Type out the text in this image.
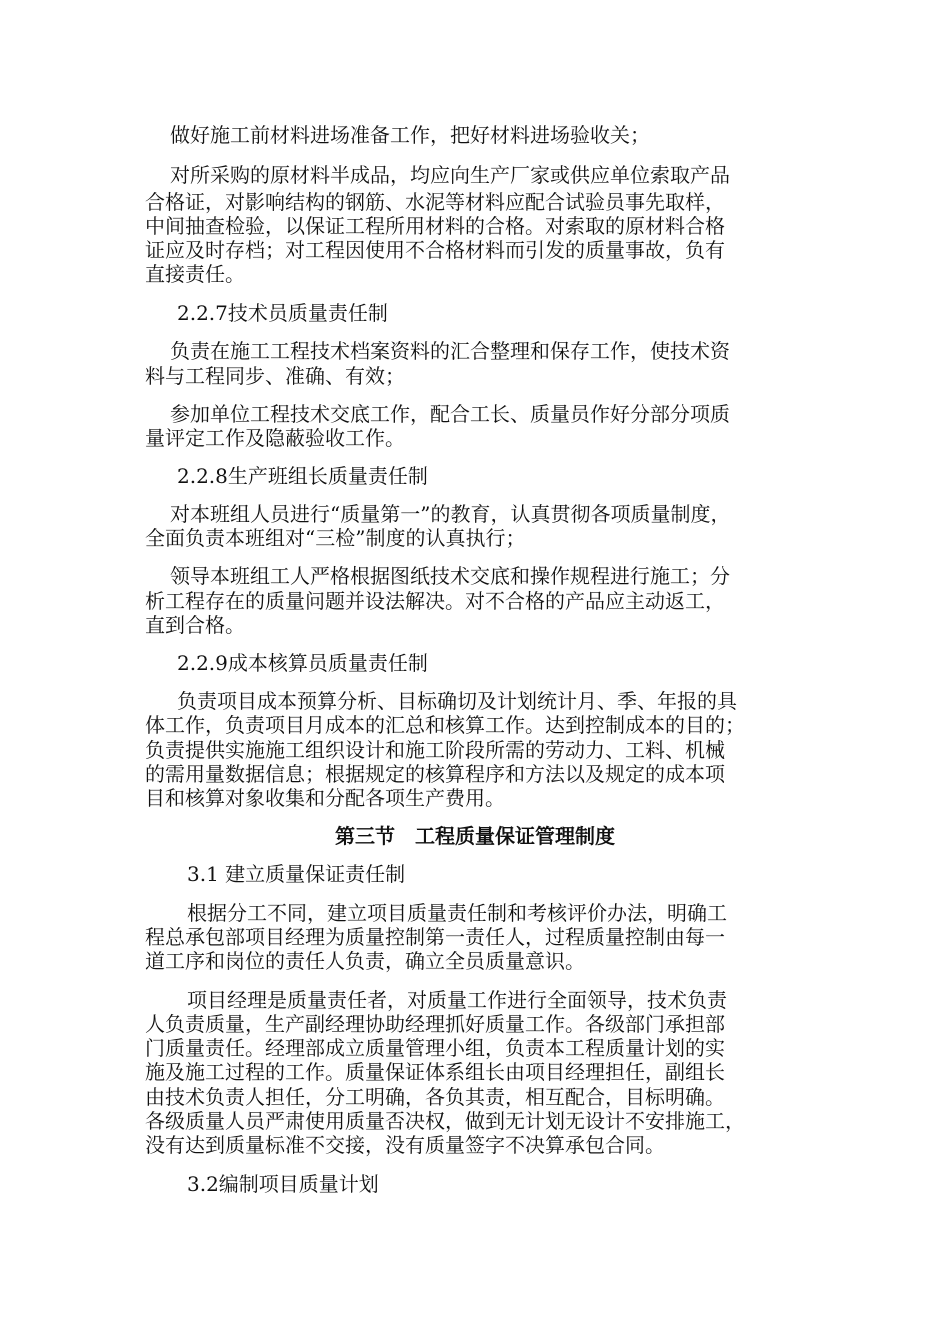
做好施工前材料进场准备工作，把好材料进场验收关；
对所采购的原材料半成品，均应向生产厂家或供应单位索取产品
合格证，对影响结构的钢筋、水泥等材料应配合试验员事先取样，
中间抽查检验，以保证工程所用材料的合格。对索取的原材料合格
证应及时存档；对工程因使用不合格材料而引发的质量事故，负有
直接责任。
2.2.7技术员质量责任制
负责在施工工程技术档案资料的汇合整理和保存工作，使技术资
料与工程同步、准确、有效；
参加单位工程技术交底工作，配合工长、质量员作好分部分项质
量评定工作及隐蔽验收工作。
2.2.8生产班组长质量责任制
对本班组人员进行“质量第一”的教育，认真贯彻各项质量制度，
全面负责本班组对“三检”制度的认真执行；
领导本班组工人严格根据图纸技术交底和操作规程进行施工；分
析工程存在的质量问题并设法解决。对不合格的产品应主动返工，
直到合格。
2.2.9成本核算员质量责任制
负责项目成本预算分析、目标确切及计划统计月、季、年报的具
体工作，负责项目月成本的汇总和核算工作。达到控制成本的目的；
负责提供实施施工组织设计和施工阶段所需的劳动力、工料、机械
的需用量数据信息；根据规定的核算程序和方法以及规定的成本项
目和核算对象收集和分配各项生产费用。
第三节　工程质量保证管理制度
3.1 建立质量保证责任制
根据分工不同，建立项目质量责任制和考核评价办法，明确工
程总承包部项目经理为质量控制第一责任人，过程质量控制由每一
道工序和岗位的责任人负责，确立全员质量意识。
项目经理是质量责任者，对质量工作进行全面领导，技术负责
人负责质量，生产副经理协助经理抓好质量工作。各级部门承担部
门质量责任。经理部成立质量管理小组，负责本工程质量计划的实
施及施工过程的工作。质量保证体系组长由项目经理担任，副组长
由技术负责人担任，分工明确，各负其责，相互配合，目标明确。
各级质量人员严肃使用质量否决权，做到无计划无设计不安排施工，
没有达到质量标准不交接，没有质量签字不决算承包合同。
3.2编制项目质量计划
